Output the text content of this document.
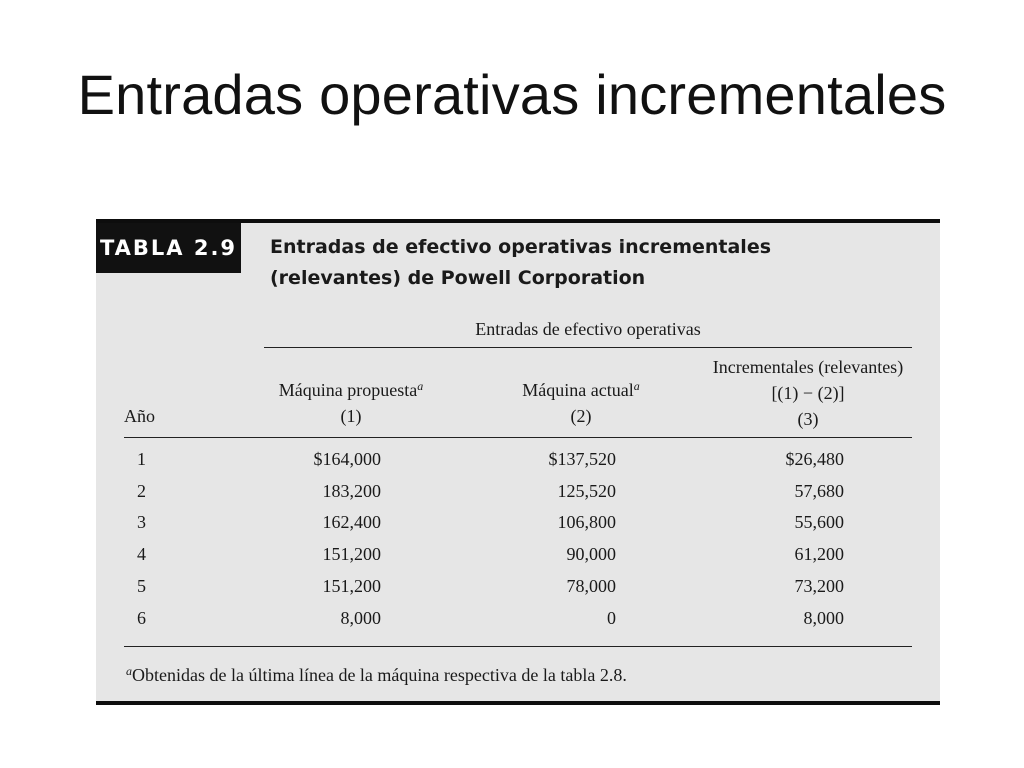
Entradas operativas incrementales
TABLA 2.9 Entradas de efectivo operativas incrementales
(relevantes) de Powell Corporation
Entradas de efectivo operativas
Año
Máquina propuesta$^a$
(1)
Máquina actual$^a$
(2)
Incrementales (relevantes)
[(1) − (2)]
(3)
1	$164,000	$137,520	$26,480
2	183,200	125,520	57,680
3	162,400	106,800	55,600
4	151,200	90,000	61,200
5	151,200	78,000	73,200
6	8,000	0	8,000
$^a$Obtenidas de la última línea de la máquina respectiva de la tabla 2.8.
